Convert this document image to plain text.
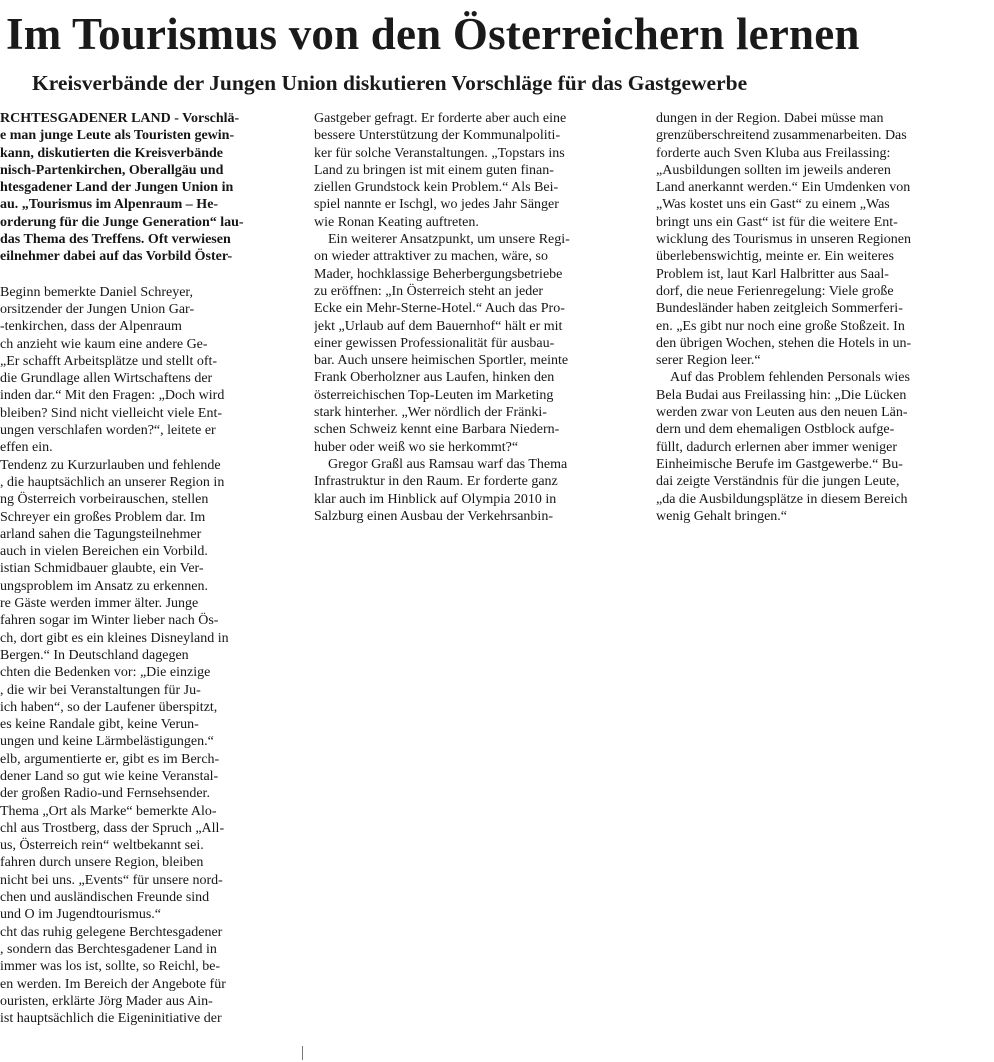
Im Tourismus von den Österreichern lernen
Kreisverbände der Jungen Union diskutieren Vorschläge für das Gastgewerbe

RCHTESGADENER LAND - Vorschlä-
e man junge Leute als Touristen gewin-
kann, diskutierten die Kreisverbände
nisch-Partenkirchen, Oberallgäu und
htesgadener Land der Jungen Union in
au. „Tourismus im Alpenraum – He-
orderung für die Junge Generation“ lau-
das Thema des Treffens. Oft verwiesen
eilnehmer dabei auf das Vorbild Öster-

Beginn bemerkte Daniel Schreyer,
orsitzender der Jungen Union Gar-
-tenkirchen, dass der Alpenraum
ch anzieht wie kaum eine andere Ge-
„Er schafft Arbeitsplätze und stellt oft-
die Grundlage allen Wirtschaftens der
inden dar.“ Mit den Fragen: „Doch wird
bleiben? Sind nicht vielleicht viele Ent-
ungen verschlafen worden?“, leitete er
effen ein.

Tendenz zu Kurzurlauben und fehlende
, die hauptsächlich an unserer Region in
ng Österreich vorbeirauschen, stellen
Schreyer ein großes Problem dar. Im
arland sahen die Tagungsteilnehmer
auch in vielen Bereichen ein Vorbild.
istian Schmidbauer glaubte, ein Ver-
ungsproblem im Ansatz zu erkennen.
re Gäste werden immer älter. Junge
fahren sogar im Winter lieber nach Ös-
ch, dort gibt es ein kleines Disneyland in
Bergen.“ In Deutschland dagegen
chten die Bedenken vor: „Die einzige
, die wir bei Veranstaltungen für Ju-
ich haben“, so der Laufener überspitzt,
es keine Randale gibt, keine Verun-
ungen und keine Lärmbelästigungen.“
elb, argumentierte er, gibt es im Berch-
dener Land so gut wie keine Veranstal-
der großen Radio-und Fernsehsender.
Thema „Ort als Marke“ bemerkte Alo-
chl aus Trostberg, dass der Spruch „All-
us, Österreich rein“ weltbekannt sei.
fahren durch unsere Region, bleiben
nicht bei uns. „Events“ für unsere nord-
chen und ausländischen Freunde sind
und O im Jugendtourismus.“

cht das ruhig gelegene Berchtesgadener
, sondern das Berchtesgadener Land in
immer was los ist, sollte, so Reichl, be-
en werden. Im Bereich der Angebote für
ouristen, erklärte Jörg Mader aus Ain-
ist hauptsächlich die Eigeninitiative der

Gastgeber gefragt. Er forderte aber auch eine
bessere Unterstützung der Kommunalpoliti-
ker für solche Veranstaltungen. „Topstars ins
Land zu bringen ist mit einem guten finan-
ziellen Grundstock kein Problem.“ Als Bei-
spiel nannte er Ischgl, wo jedes Jahr Sänger
wie Ronan Keating auftreten.

Ein weiterer Ansatzpunkt, um unsere Regi-
on wieder attraktiver zu machen, wäre, so
Mader, hochklassige Beherbergungsbetriebe
zu eröffnen: „In Österreich steht an jeder
Ecke ein Mehr-Sterne-Hotel.“ Auch das Pro-
jekt „Urlaub auf dem Bauernhof“ hält er mit
einer gewissen Professionalität für ausbau-
bar. Auch unsere heimischen Sportler, meinte
Frank Oberholzner aus Laufen, hinken den
österreichischen Top-Leuten im Marketing
stark hinterher. „Wer nördlich der Fränki-
schen Schweiz kennt eine Barbara Niedern-
huber oder weiß wo sie herkommt?“

Gregor Graßl aus Ramsau warf das Thema
Infrastruktur in den Raum. Er forderte ganz
klar auch im Hinblick auf Olympia 2010 in
Salzburg einen Ausbau der Verkehrsanbin-

dungen in der Region. Dabei müsse man
grenzüberschreitend zusammenarbeiten. Das
forderte auch Sven Kluba aus Freilassing:
„Ausbildungen sollten im jeweils anderen
Land anerkannt werden.“ Ein Umdenken von
„Was kostet uns ein Gast“ zu einem „Was
bringt uns ein Gast“ ist für die weitere Ent-
wicklung des Tourismus in unseren Regionen
überlebenswichtig, meinte er. Ein weiteres
Problem ist, laut Karl Halbritter aus Saal-
dorf, die neue Ferienregelung: Viele große
Bundesländer haben zeitgleich Sommerferi-
en. „Es gibt nur noch eine große Stoßzeit. In
den übrigen Wochen, stehen die Hotels in un-
serer Region leer.“

Auf das Problem fehlenden Personals wies
Bela Budai aus Freilassing hin: „Die Lücken
werden zwar von Leuten aus den neuen Län-
dern und dem ehemaligen Ostblock aufge-
füllt, dadurch erlernen aber immer weniger
Einheimische Berufe im Gastgewerbe.“ Bu-
dai zeigte Verständnis für die jungen Leute,
„da die Ausbildungsplätze in diesem Bereich
wenig Gehalt bringen.“
